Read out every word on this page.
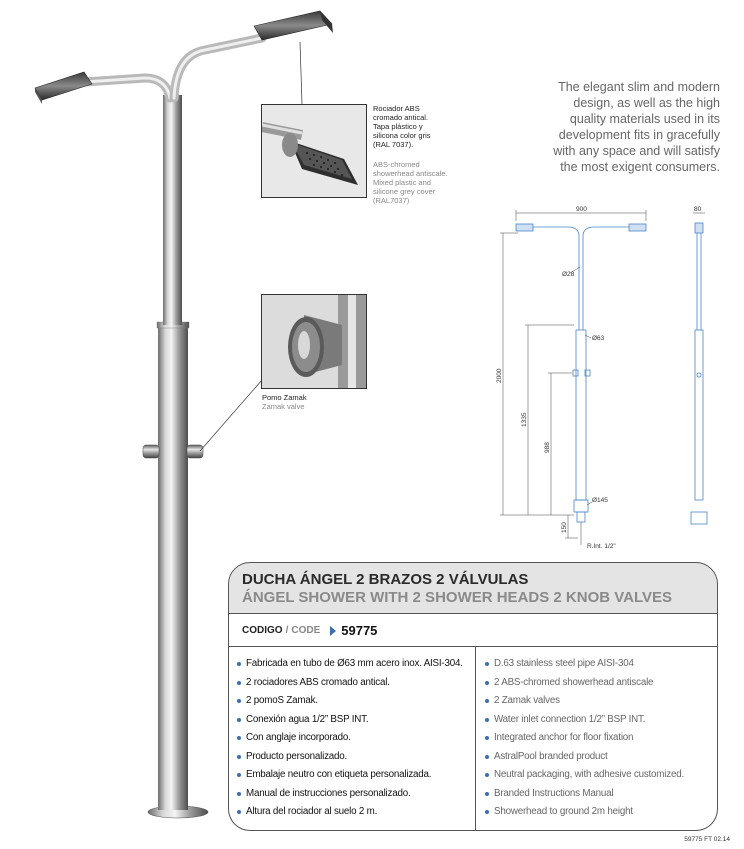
Rociador ABS

cromado antical.

Tapa plástico y

silicona color gris

(RAL 7037).

ABS-chromed

showerhead antiscale.

Mixed plastic and

silicone grey cover

(RAL7037)

Pomo Zamak

Zamak valve

The elegant slim and modern

design, as well as the high

quality materials used in its

development fits in gracefully

with any space and will satisfy

the most exigent consumers.

900	80
Ø28
Ø63
Ø145
2000
1335
988
150
R.Int. 1/2"
DUCHA ÁNGEL 2 BRAZOS 2 VÁLVULAS
ÁNGEL SHOWER WITH 2 SHOWER HEADS 2 KNOB VALVES
CODIGO / CODE 59775
Fabricada en tubo de Ø63 mm acero inox. AISI-304.
2 rociadores ABS cromado antical.
2 pomoS Zamak.
Conexión agua 1/2” BSP INT.
Con anglaje incorporado.
Producto personalizado.
Embalaje neutro con etiqueta personalizada.
Manual de instrucciones personalizado.
Altura del rociador al suelo 2 m.
D.63 stainless steel pipe AISI-304
2 ABS-chromed showerhead antiscale
2 Zamak valves
Water inlet connection 1/2” BSP INT.
Integrated anchor for floor fixation
AstralPool branded product
Neutral packaging, with adhesive customized.
Branded Instructions Manual
Showerhead to ground 2m height
59775 FT 02.14
